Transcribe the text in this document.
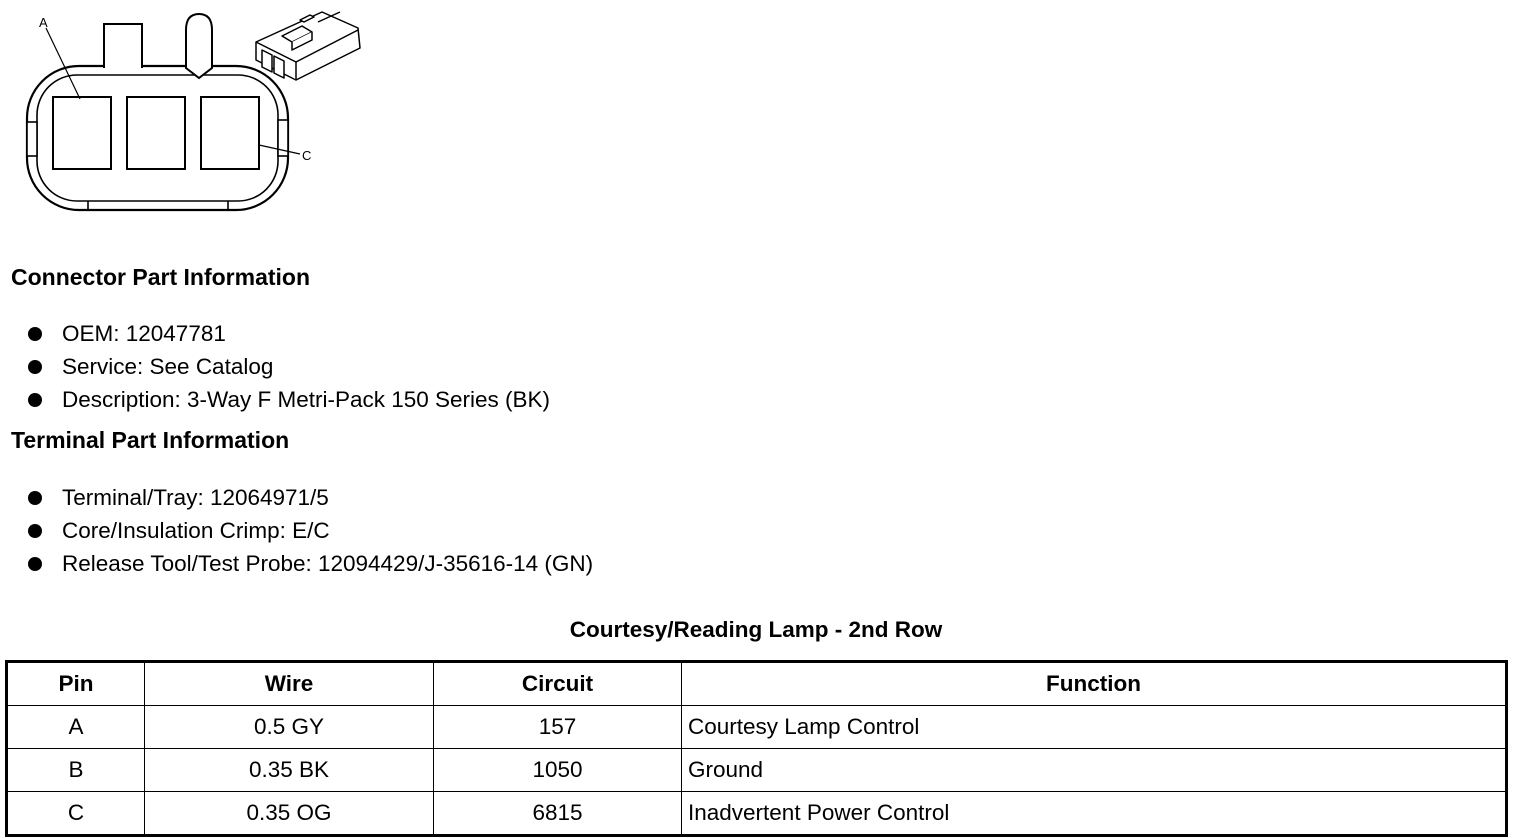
A
C
Connector Part Information
OEM: 12047781
Service: See Catalog
Description: 3-Way F Metri-Pack 150 Series (BK)
Terminal Part Information
Terminal/Tray: 12064971/5
Core/Insulation Crimp: E/C
Release Tool/Test Probe: 12094429/J-35616-14 (GN)
Courtesy/Reading Lamp - 2nd Row
Pin	Wire	Circuit	Function
A	0.5 GY	157	Courtesy Lamp Control
B	0.35 BK	1050	Ground
C	0.35 OG	6815	Inadvertent Power Control
